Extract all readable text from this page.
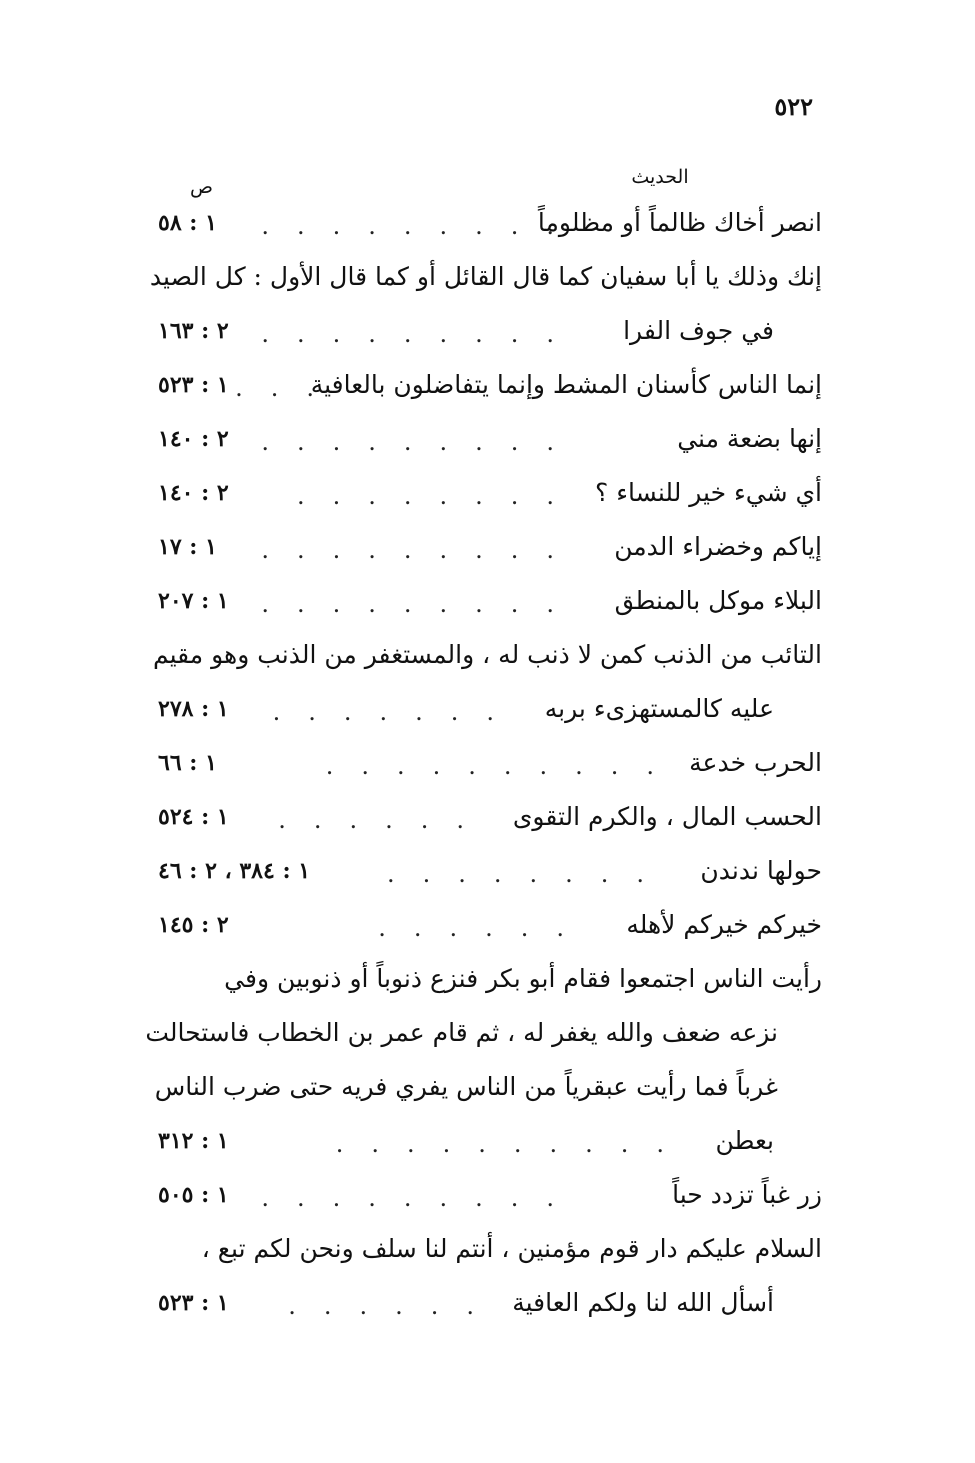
٥٢٢
الحديث
ص
انصر أخاك ظالماً أو مظلوماً
.........
١ : ٥٨
إنك وذلك يا أبا سفيان كما قال القائل أو كما قال الأول : كل الصيد
في جوف الفرا
.........
٢ : ١٦٣
إنما الناس كأسنان المشط وإنما يتفاضلون بالعافية
...
١ : ٥٢٣
إنها بضعة مني
.........
٢ : ١٤٠
أي شيء خير للنساء ؟
........
٢ : ١٤٠
إياكم وخضراء الدمن
.........
١ : ١٧
البلاء موكل بالمنطق
.........
١ : ٢٠٧
التائب من الذنب كمن لا ذنب له ، والمستغفر من الذنب وهو مقيم
عليه كالمستهزىء بربه
.......
١ : ٢٧٨
الحرب خدعة
..........
١ : ٦٦
الحسب المال ، والكرم التقوى
......
١ : ٥٢٤
حولها ندندن
........
١ : ٣٨٤ ، ٢ : ٤٦
خيركم خيركم لأهله
......
٢ : ١٤٥
رأيت الناس اجتمعوا فقام أبو بكر فنزع ذنوباً أو ذنوبين وفي
نزعه ضعف والله يغفر له ، ثم قام عمر بن الخطاب فاستحالت
غرباً فما رأيت عبقرياً من الناس يفري فريه حتى ضرب الناس
بعطن
..........
١ : ٣١٢
زر غباً تزدد حباً
.........
١ : ٥٠٥
السلام عليكم دار قوم مؤمنين ، أنتم لنا سلف ونحن لكم تبع ،
أسأل الله لنا ولكم العافية
......
١ : ٥٢٣
